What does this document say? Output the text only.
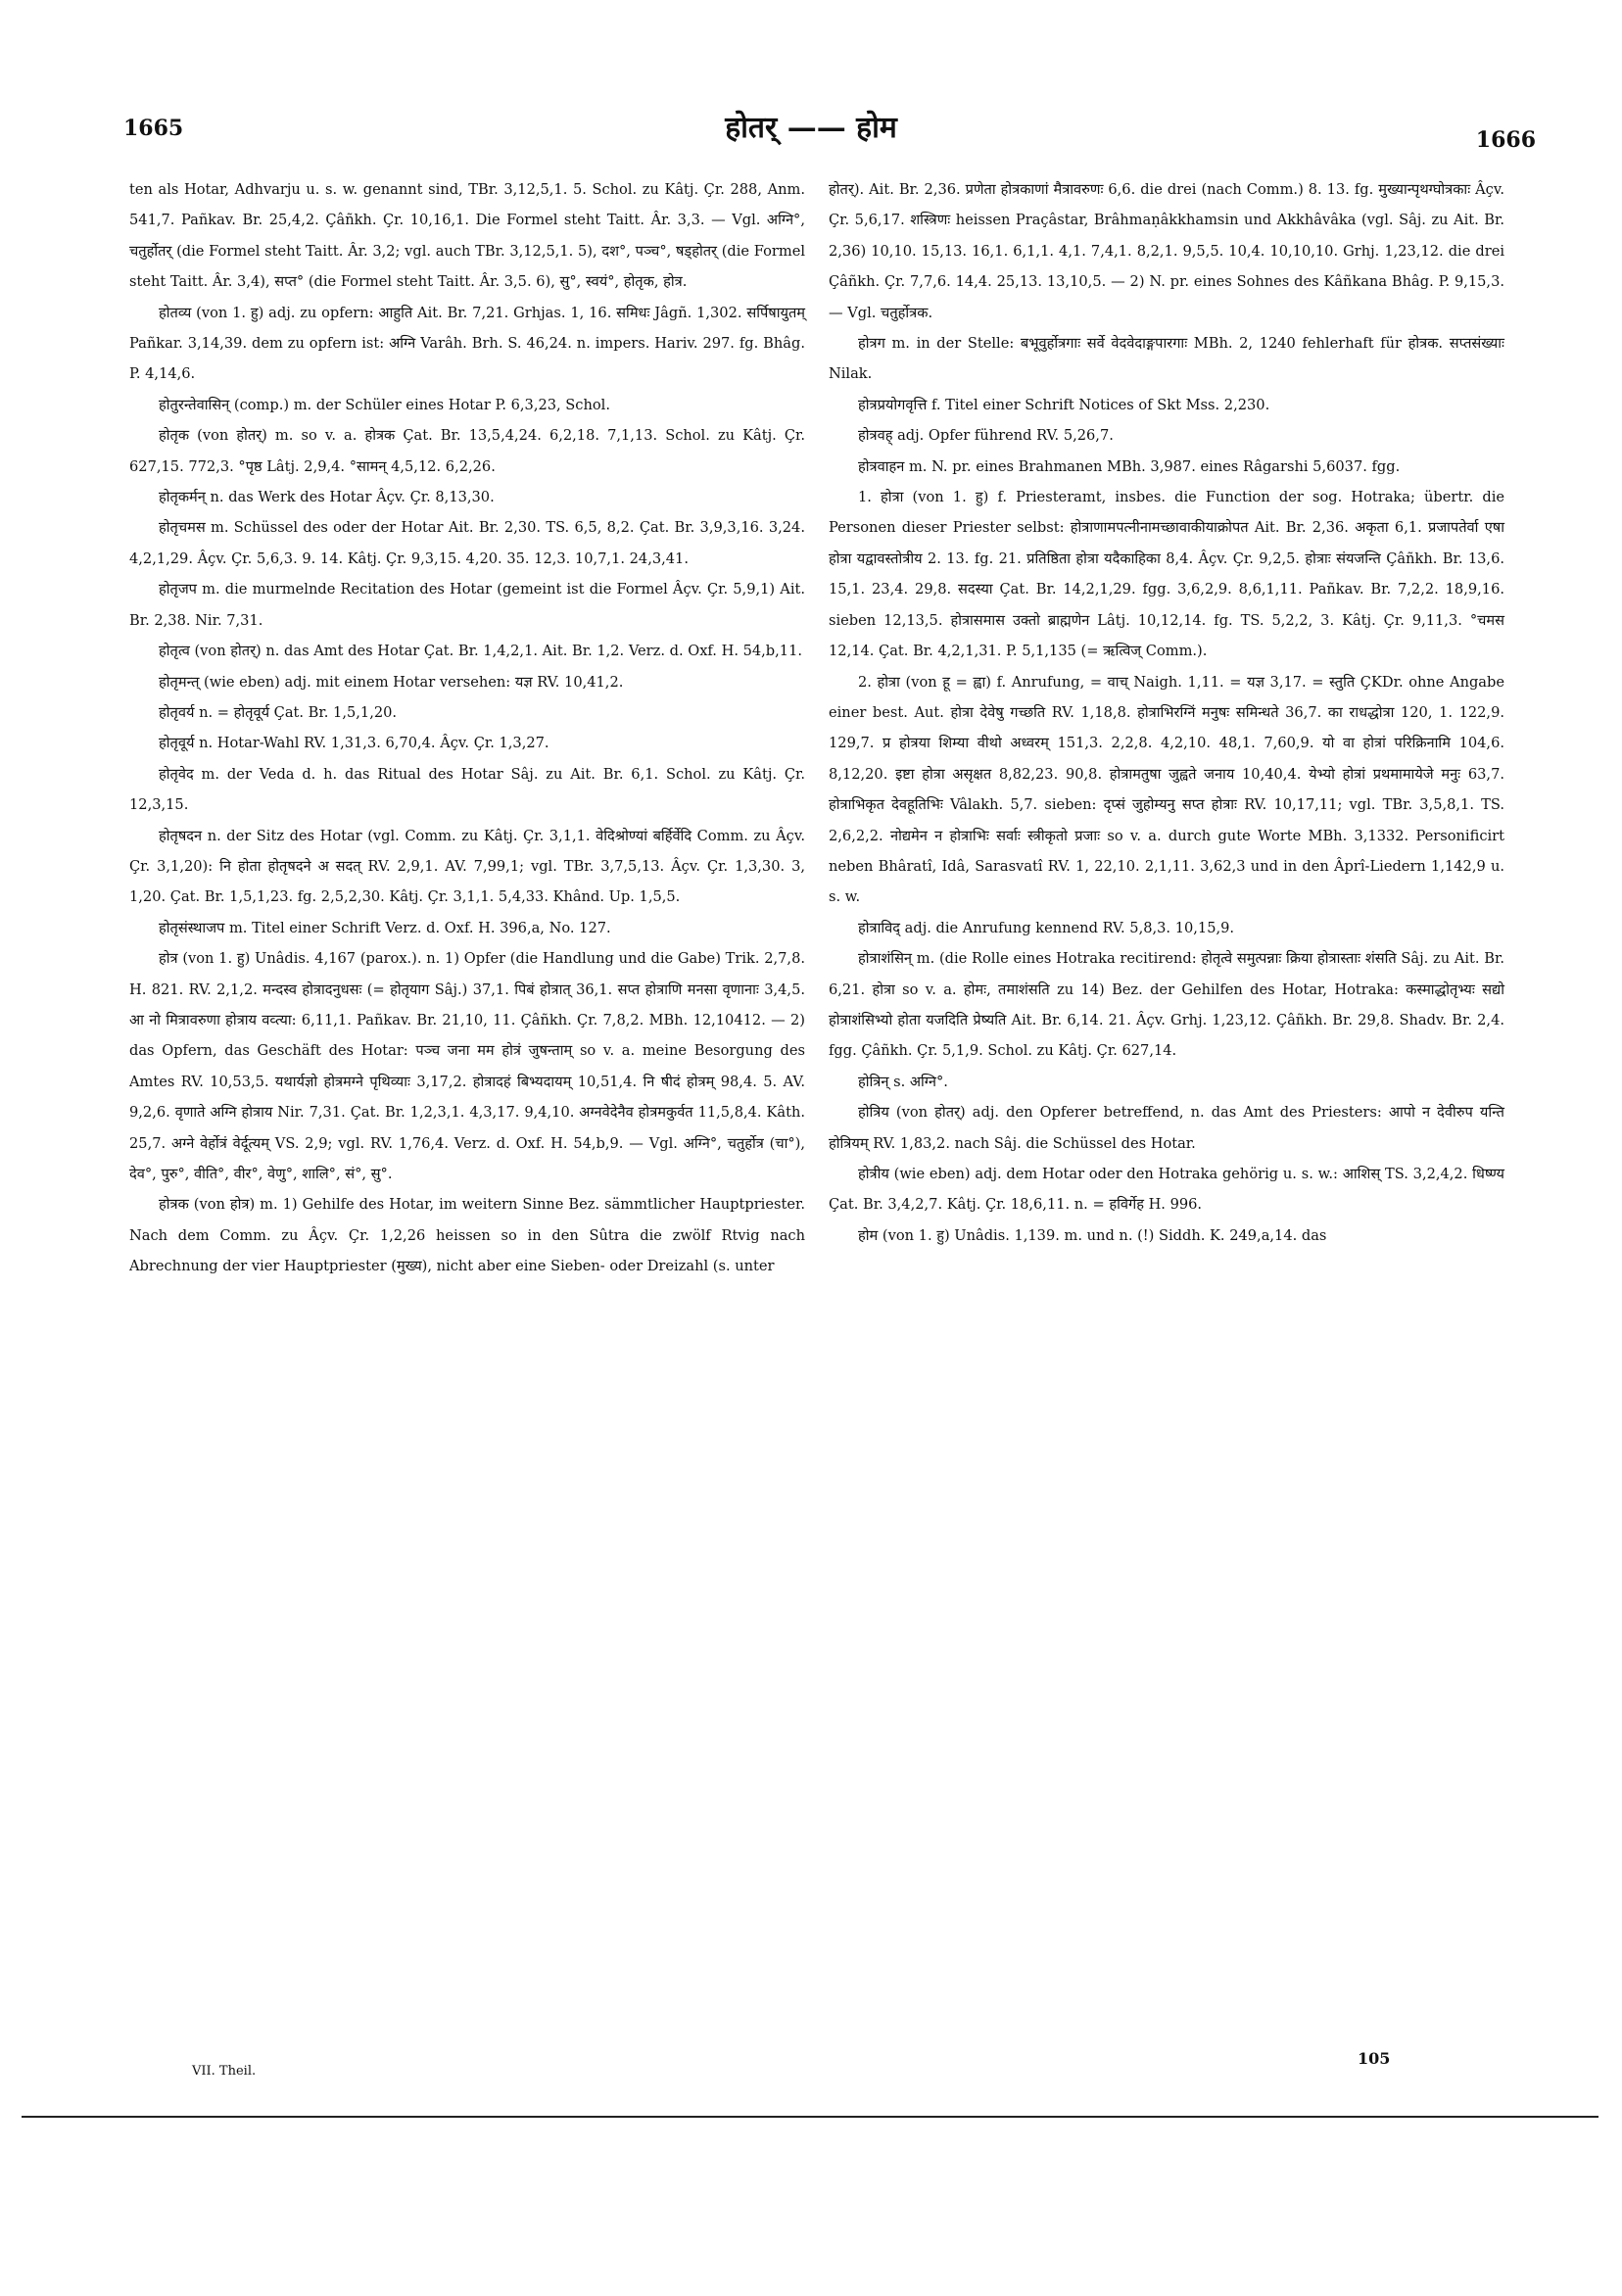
1665	होतर् —— होम	1666

ten als Hotar, Adhvarju u. s. w. genannt sind, TBr. 3,12,5,1. 5. Schol. zu Kâtj. Çr. 288, Anm. 541,7. Pañkav. Br. 25,4,2. Çâñkh. Çr. 10,16,1. Die Formel steht Taitt. Âr. 3,3. — Vgl. अग्नि°, चतुर्होतर् (die Formel steht Taitt. Âr. 3,2; vgl. auch TBr. 3,12,5,1. 5), दश°, पञ्च°, षड्होतर् (die Formel steht Taitt. Âr. 3,4), सप्त° (die Formel steht Taitt. Âr. 3,5. 6), सु°, स्वयं°, होतृक, होत्र.

होतव्य (von 1. हु) adj. zu opfern: आहुति Ait. Br. 7,21. Grhjas. 1, 16. समिधः Jâgñ. 1,302. सर्पिषायुतम् Pañkar. 3,14,39. dem zu opfern ist: अग्नि Varâh. Brh. S. 46,24. n. impers. Hariv. 297. fg. Bhâg. P. 4,14,6.

होतुरन्तेवासिन् (comp.) m. der Schüler eines Hotar P. 6,3,23, Schol.

होतृक (von होतर्) m. so v. a. होत्रक Çat. Br. 13,5,4,24. 6,2,18. 7,1,13. Schol. zu Kâtj. Çr. 627,15. 772,3. °पृष्ठ Lâtj. 2,9,4. °सामन् 4,5,12. 6,2,26.

होतृकर्मन् n. das Werk des Hotar Âçv. Çr. 8,13,30.

होतृचमस m. Schüssel des oder der Hotar Ait. Br. 2,30. TS. 6,5, 8,2. Çat. Br. 3,9,3,16. 3,24. 4,2,1,29. Âçv. Çr. 5,6,3. 9. 14. Kâtj. Çr. 9,3,15. 4,20. 35. 12,3. 10,7,1. 24,3,41.

होतृजप m. die murmelnde Recitation des Hotar (gemeint ist die Formel Âçv. Çr. 5,9,1) Ait. Br. 2,38. Nir. 7,31.

होतृत्व (von होतर्) n. das Amt des Hotar Çat. Br. 1,4,2,1. Ait. Br. 1,2. Verz. d. Oxf. H. 54,b,11.

होतृमन्त् (wie eben) adj. mit einem Hotar versehen: यज्ञ RV. 10,41,2.

होतृवर्य n. = होतृवूर्य Çat. Br. 1,5,1,20.

होतृवूर्य n. Hotar-Wahl RV. 1,31,3. 6,70,4. Âçv. Çr. 1,3,27.

होतृवेद m. der Veda d. h. das Ritual des Hotar Sâj. zu Ait. Br. 6,1. Schol. zu Kâtj. Çr. 12,3,15.

होतृषदन n. der Sitz des Hotar (vgl. Comm. zu Kâtj. Çr. 3,1,1. वेदिश्रोण्यां बर्हिर्वेदि Comm. zu Âçv. Çr. 3,1,20): नि होता होतृषदने अ सदत् RV. 2,9,1. AV. 7,99,1; vgl. TBr. 3,7,5,13. Âçv. Çr. 1,3,30. 3, 1,20. Çat. Br. 1,5,1,23. fg. 2,5,2,30. Kâtj. Çr. 3,1,1. 5,4,33. Khând. Up. 1,5,5.

होतृसंस्थाजप m. Titel einer Schrift Verz. d. Oxf. H. 396,a, No. 127.

होत्र (von 1. हु) Unâdis. 4,167 (parox.). n. 1) Opfer (die Handlung und die Gabe) Trik. 2,7,8. H. 821. RV. 2,1,2. मन्दस्व होत्रादनुधसः (= होतृयाग Sâj.) 37,1. पिबं होत्रात् 36,1. सप्त होत्राणि मनसा वृणानाः 3,4,5. आ नो मित्रावरुणा होत्राय वव्त्या: 6,11,1. Pañkav. Br. 21,10, 11. Çâñkh. Çr. 7,8,2. MBh. 12,10412. — 2) das Opfern, das Geschäft des Hotar: पञ्च जना मम होत्रं जुषन्ताम् so v. a. meine Besorgung des Amtes RV. 10,53,5. यथार्यज्ञो होत्रमग्ने पृथिव्याः 3,17,2. होत्रादहं बिभ्यदायम् 10,51,4. नि षीदं होत्रम् 98,4. 5. AV. 9,2,6. वृणाते अग्नि होत्राय Nir. 7,31. Çat. Br. 1,2,3,1. 4,3,17. 9,4,10. अग्नवेदेनैव होत्रमकुर्वत 11,5,8,4. Kâth. 25,7. अग्ने वेर्होत्रं वेर्दूत्यम् VS. 2,9; vgl. RV. 1,76,4. Verz. d. Oxf. H. 54,b,9. — Vgl. अग्नि°, चतुर्होत्र (चा°), देव°, पुरु°, वीति°, वीर°, वेणु°, शालि°, सं°, सु°.

होत्रक (von होत्र) m. 1) Gehilfe des Hotar, im weitern Sinne Bez. sämmtlicher Hauptpriester. Nach dem Comm. zu Âçv. Çr. 1,2,26 heissen so in den Sûtra die zwölf Rtvig nach Abrechnung der vier Hauptpriester (मुख्य), nicht aber eine Sieben- oder Dreizahl (s. unter

होतर्). Ait. Br. 2,36. प्रणेता होत्रकाणां मैत्रावरुणः 6,6. die drei (nach Comm.) 8. 13. fg. मुख्यान्पृथग्घोत्रकाः Âçv. Çr. 5,6,17. शस्त्रिणः heissen Praçâstar, Brâhmaṇâkkhamsin und Akkhâvâka (vgl. Sâj. zu Ait. Br. 2,36) 10,10. 15,13. 16,1. 6,1,1. 4,1. 7,4,1. 8,2,1. 9,5,5. 10,4. 10,10,10. Grhj. 1,23,12. die drei Çâñkh. Çr. 7,7,6. 14,4. 25,13. 13,10,5. — 2) N. pr. eines Sohnes des Kâñkana Bhâg. P. 9,15,3. — Vgl. चतुर्होत्रक.

होत्रग m. in der Stelle: बभूवुर्होत्रगाः सर्वे वेदवेदाङ्गपारगाः MBh. 2, 1240 fehlerhaft für होत्रक. सप्तसंख्याः Nilak.

होत्रप्रयोगवृत्ति f. Titel einer Schrift Notices of Skt Mss. 2,230.

होत्रवह् adj. Opfer führend RV. 5,26,7.

होत्रवाहन m. N. pr. eines Brahmanen MBh. 3,987. eines Râgarshi 5,6037. fgg.

1. होत्रा (von 1. हु) f. Priesteramt, insbes. die Function der sog. Hotraka; übertr. die Personen dieser Priester selbst: होत्राणामपत्नीनामच्छावाकीयाक्रोपत Ait. Br. 2,36. अकृता 6,1. प्रजापतेर्वा एषा होत्रा यद्वावस्तोत्रीय 2. 13. fg. 21. प्रतिष्ठिता होत्रा यदैकाहिका 8,4. Âçv. Çr. 9,2,5. होत्राः संयजन्ति Çâñkh. Br. 13,6. 15,1. 23,4. 29,8. सदस्या Çat. Br. 14,2,1,29. fgg. 3,6,2,9. 8,6,1,11. Pañkav. Br. 7,2,2. 18,9,16. sieben 12,13,5. होत्रासमास उक्तो ब्राह्मणेन Lâtj. 10,12,14. fg. TS. 5,2,2, 3. Kâtj. Çr. 9,11,3. °चमस 12,14. Çat. Br. 4,2,1,31. P. 5,1,135 (= ऋत्विज् Comm.).

2. होत्रा (von हू = ह्वा) f. Anrufung, = वाच् Naigh. 1,11. = यज्ञ 3,17. = स्तुति ÇKDr. ohne Angabe einer best. Aut. होत्रा देवेषु गच्छति RV. 1,18,8. होत्राभिरग्निं मनुषः समिन्धते 36,7. का राधद्धोत्रा 120, 1. 122,9. 129,7. प्र होत्रया शिम्या वीथो अध्वरम् 151,3. 2,2,8. 4,2,10. 48,1. 7,60,9. यो वा होत्रां परिक्रिनामि 104,6. 8,12,20. इष्टा होत्रा असृक्षत 8,82,23. 90,8. होत्रामतुषा जुह्वते जनाय 10,40,4. येभ्यो होत्रां प्रथमामायेजे मनुः 63,7. होत्राभिकृत देवहूतिभिः Vâlakh. 5,7. sieben: दृप्सं जुहोम्यनु सप्त होत्राः RV. 10,17,11; vgl. TBr. 3,5,8,1. TS. 2,6,2,2. नोद्यमेन न होत्राभिः सर्वाः स्त्रीकृतो प्रजाः so v. a. durch gute Worte MBh. 3,1332. Personificirt neben Bhâratî, Idâ, Sarasvatî RV. 1, 22,10. 2,1,11. 3,62,3 und in den Âprî-Liedern 1,142,9 u. s. w.

होत्राविद् adj. die Anrufung kennend RV. 5,8,3. 10,15,9.

होत्राशंसिन् m. (die Rolle eines Hotraka recitirend: होतृत्वे समुत्पन्नाः क्रिया होत्रास्ताः शंसति Sâj. zu Ait. Br. 6,21. होत्रा so v. a. होमः, तमाशंसति zu 14) Bez. der Gehilfen des Hotar, Hotraka: कस्माद्धोतृभ्यः सद्यो होत्राशंसिभ्यो होता यजदिति प्रेष्यति Ait. Br. 6,14. 21. Âçv. Grhj. 1,23,12. Çâñkh. Br. 29,8. Shadv. Br. 2,4. fgg. Çâñkh. Çr. 5,1,9. Schol. zu Kâtj. Çr. 627,14.

होत्रिन् s. अग्नि°.

होत्रिय (von होतर्) adj. den Opferer betreffend, n. das Amt des Priesters: आपो न देवीरुप यन्ति होत्रियम् RV. 1,83,2. nach Sâj. die Schüssel des Hotar.

होत्रीय (wie eben) adj. dem Hotar oder den Hotraka gehörig u. s. w.: आशिस् TS. 3,2,4,2. धिष्ण्य Çat. Br. 3,4,2,7. Kâtj. Çr. 18,6,11. n. = हविर्गेह H. 996.

होम (von 1. हु) Unâdis. 1,139. m. und n. (!) Siddh. K. 249,a,14. das

VII. Theil.
105
